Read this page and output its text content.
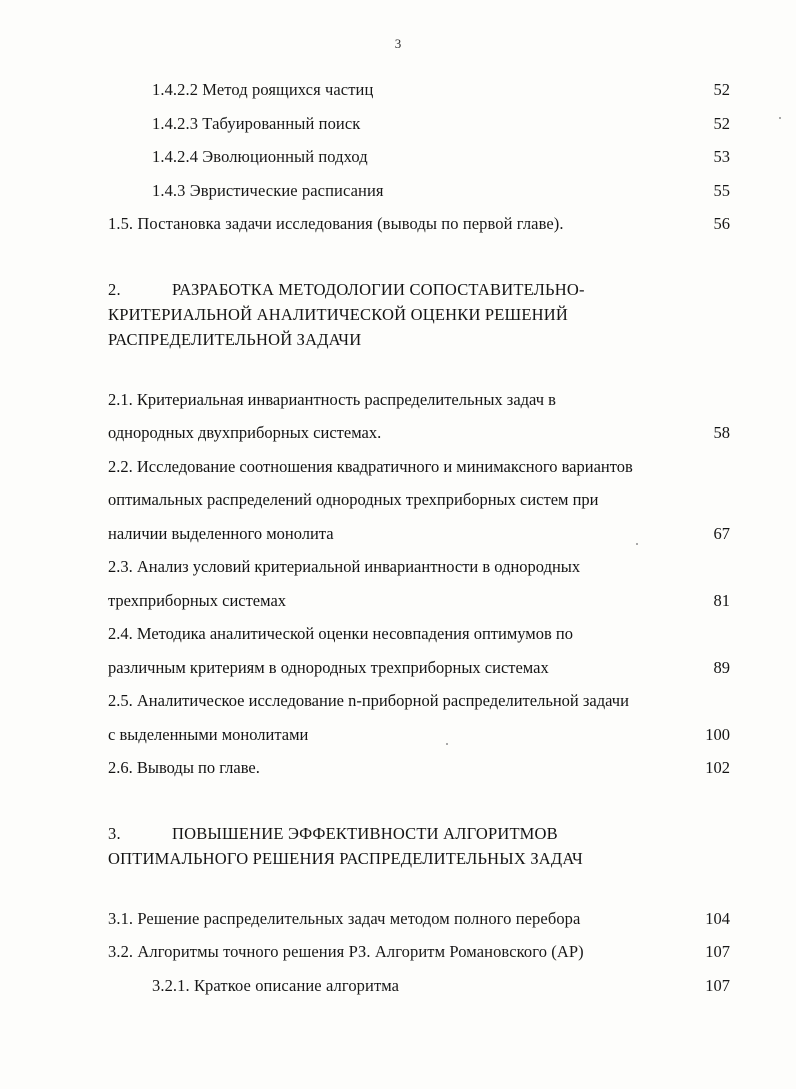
3
1.4.2.2 Метод роящихся частиц	52
1.4.2.3 Табуированный поиск	52
1.4.2.4 Эволюционный подход	53
1.4.3 Эвристические расписания	55
1.5. Постановка задачи исследования (выводы по первой главе).	56
2.	РАЗРАБОТКА МЕТОДОЛОГИИ СОПОСТАВИТЕЛЬНО-
КРИТЕРИАЛЬНОЙ АНАЛИТИЧЕСКОЙ ОЦЕНКИ РЕШЕНИЙ
РАСПРЕДЕЛИТЕЛЬНОЙ ЗАДАЧИ
2.1. Критериальная инвариантность распределительных задач в
однородных двухприборных системах.	58
2.2. Исследование соотношения квадратичного и минимаксного вариантов
оптимальных распределений однородных трехприборных систем при
наличии выделенного монолита	67
2.3. Анализ условий критериальной инвариантности в однородных
трехприборных системах	81
2.4. Методика аналитической оценки несовпадения оптимумов по
различным критериям в однородных трехприборных системах	89
2.5. Аналитическое исследование n-приборной распределительной задачи
с выделенными монолитами	100
2.6. Выводы по главе.	102
3.	ПОВЫШЕНИЕ ЭФФЕКТИВНОСТИ АЛГОРИТМОВ
ОПТИМАЛЬНОГО РЕШЕНИЯ РАСПРЕДЕЛИТЕЛЬНЫХ ЗАДАЧ
3.1. Решение распределительных задач методом полного перебора	104
3.2. Алгоритмы точного решения РЗ. Алгоритм Романовского (АР)	107
3.2.1. Краткое описание алгоритма	107
